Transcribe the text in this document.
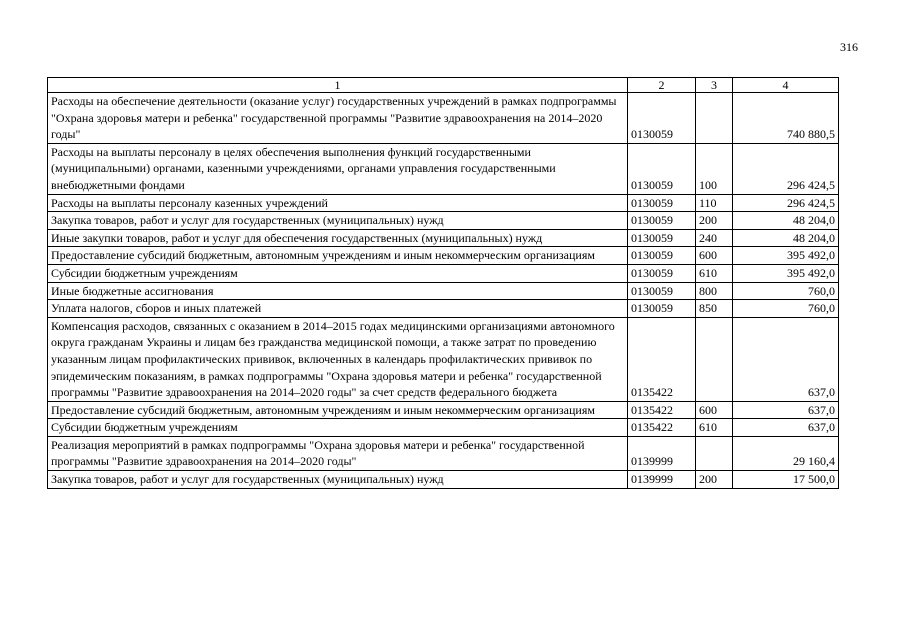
316
1	2	3	4
Расходы на обеспечение деятельности (оказание услуг) государственных учреждений в рамках подпрограммы "Охрана здоровья матери и ребенка" государственной программы "Развитие здравоохранения на 2014–2020 годы"	0130059		740 880,5
Расходы на выплаты персоналу в целях обеспечения выполнения функций государственными (муниципальными) органами, казенными учреждениями, органами управления государственными внебюджетными фондами	0130059	100	296 424,5
Расходы на выплаты персоналу казенных учреждений	0130059	110	296 424,5
Закупка товаров, работ и услуг для государственных (муниципальных) нужд	0130059	200	48 204,0
Иные закупки товаров, работ и услуг для обеспечения государственных (муниципальных) нужд	0130059	240	48 204,0
Предоставление субсидий бюджетным, автономным учреждениям и иным некоммерческим организациям	0130059	600	395 492,0
Субсидии бюджетным учреждениям	0130059	610	395 492,0
Иные бюджетные ассигнования	0130059	800	760,0
Уплата налогов, сборов и иных платежей	0130059	850	760,0
Компенсация расходов, связанных с оказанием в 2014–2015 годах медицинскими организациями автономного округа гражданам Украины и лицам без гражданства медицинской помощи, а также затрат по проведению указанным лицам профилактических прививок, включенных в календарь профилактических прививок по эпидемическим показаниям, в рамках подпрограммы "Охрана здоровья матери и ребенка" государственной программы "Развитие здравоохранения на 2014–2020 годы" за счет средств федерального бюджета	0135422		637,0
Предоставление субсидий бюджетным, автономным учреждениям и иным некоммерческим организациям	0135422	600	637,0
Субсидии бюджетным учреждениям	0135422	610	637,0
Реализация мероприятий в рамках подпрограммы "Охрана здоровья матери и ребенка" государственной программы "Развитие здравоохранения на 2014–2020 годы"	0139999		29 160,4
Закупка товаров, работ и услуг для государственных (муниципальных) нужд	0139999	200	17 500,0
